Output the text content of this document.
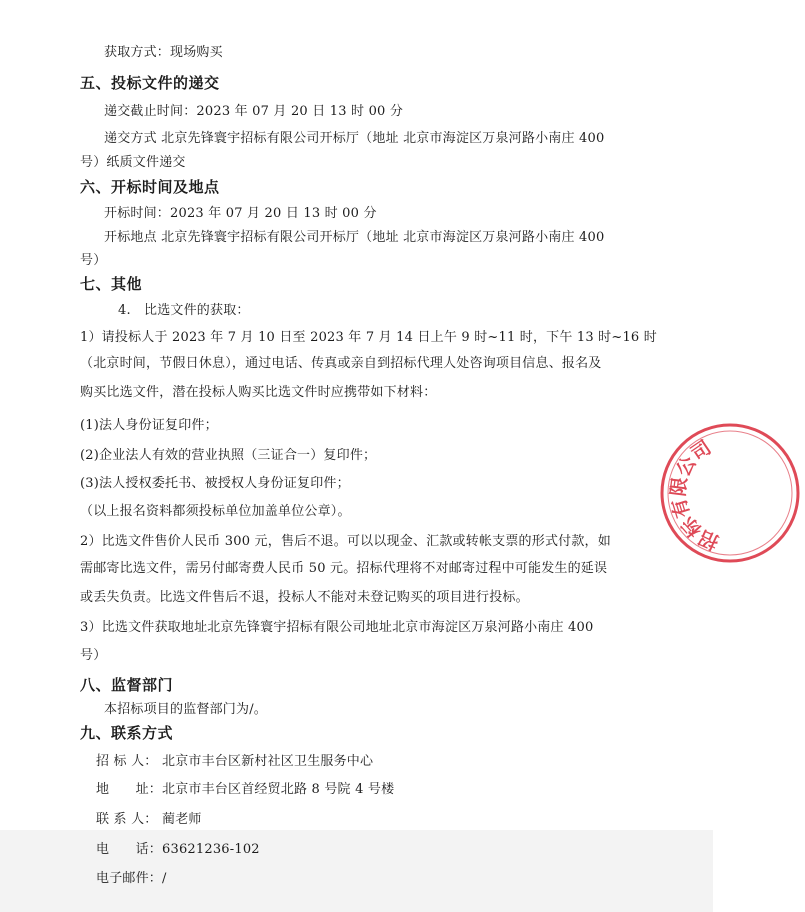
获取方式：现场购买
五、投标文件的递交
递交截止时间：2023 年 07 月 20 日 13 时 00 分
递交方式 北京先锋寰宇招标有限公司开标厅（地址 北京市海淀区万泉河路小南庄 400
号）纸质文件递交
六、开标时间及地点
开标时间：2023 年 07 月 20 日 13 时 00 分
开标地点 北京先锋寰宇招标有限公司开标厅（地址 北京市海淀区万泉河路小南庄 400
号）
七、其他
4.　比选文件的获取：
1）请投标人于 2023 年 7 月 10 日至 2023 年 7 月 14 日上午 9 时~11 时，下午 13 时~16 时
（北京时间，节假日休息），通过电话、传真或亲自到招标代理人处咨询项目信息、报名及
购买比选文件，潜在投标人购买比选文件时应携带如下材料：
(1)法人身份证复印件；
(2)企业法人有效的营业执照（三证合一）复印件；
(3)法人授权委托书、被授权人身份证复印件；
（以上报名资料都须投标单位加盖单位公章）。
2）比选文件售价人民币 300 元，售后不退。可以以现金、汇款或转帐支票的形式付款，如
需邮寄比选文件，需另付邮寄费人民币 50 元。招标代理将不对邮寄过程中可能发生的延误
或丢失负责。比选文件售后不退，投标人不能对未登记购买的项目进行投标。
3）比选文件获取地址北京先锋寰宇招标有限公司地址北京市海淀区万泉河路小南庄 400
号）
八、监督部门
本招标项目的监督部门为/。
九、联系方式
招 标 人： 北京市丰台区新村社区卫生服务中心
地　　址： 北京市丰台区首经贸北路 8 号院 4 号楼
联 系 人： 蔺老师
电　　话： 63621236-102
电子邮件： /
招标有限公司
